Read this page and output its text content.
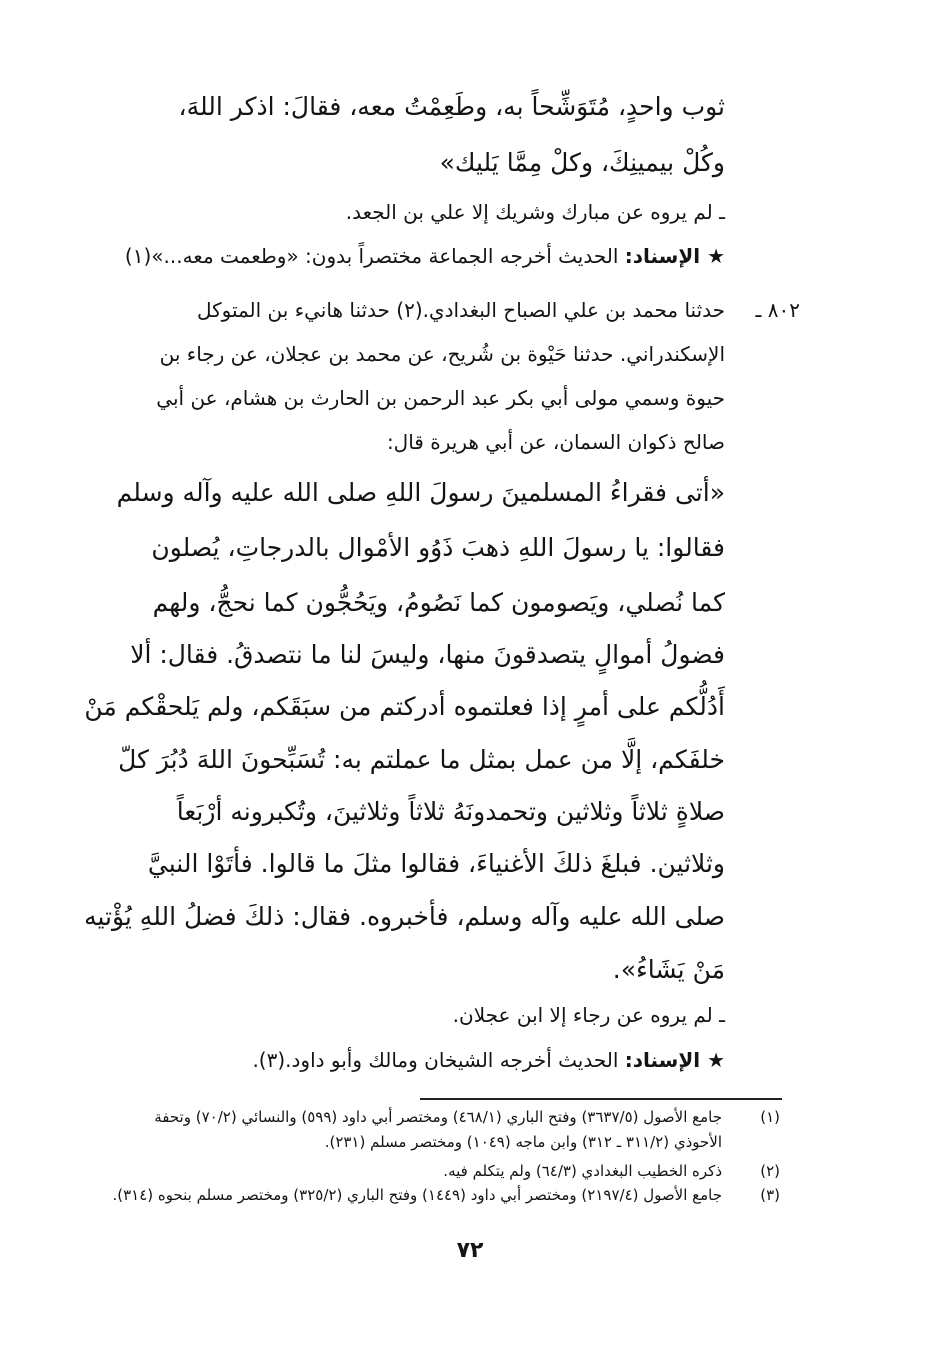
ثوب واحدٍ، مُتَوَشِّحاً به، وطَعِمْتُ معه، فقالَ: اذكر اللهَ،
وكُلْ بيمينِكَ، وكلْ مِمَّا يَليك»
ـ لم يروه عن مبارك وشريك إلا علي بن الجعد.
★ الإسناد: الحديث أخرجه الجماعة مختصراً بدون: «وطعمت معه...»(١)
٨٠٢ ـ
حدثنا محمد بن علي الصباح البغدادي.(٢) حدثنا هانيء بن المتوكل
الإسكندراني. حدثنا حَيْوة بن شُريح، عن محمد بن عجلان، عن رجاء بن
حيوة وسمي مولى أبي بكر عبد الرحمن بن الحارث بن هشام، عن أبي
صالح ذكوان السمان، عن أبي هريرة قال:
«أتى فقراءُ المسلمينَ رسولَ اللهِ صلى الله عليه وآله وسلم
فقالوا: يا رسولَ اللهِ ذهبَ ذَوُو الأمْوال بالدرجاتِ، يُصلون
كما نُصلي، ويَصومون كما نَصُومُ، ويَحُجُّون كما نحجُّ، ولهم
فضولُ أموالٍ يتصدقونَ منها، وليسَ لنا ما نتصدقُ. فقال: ألا
أَدُلُّكم على أمرٍ إذا فعلتموه أدركتم من سبَقَكم، ولم يَلحقْكم مَنْ
خلفَكم، إلَّا من عمل بمثل ما عملتم به: تُسَبِّحونَ اللهَ دُبُرَ كلّ
صلاةٍ ثلاثاً وثلاثين وتحمدونَهُ ثلاثاً وثلاثينَ، وتُكبرونه أرْبَعاً
وثلاثين. فبلغَ ذلكَ الأغنياءَ، فقالوا مثلَ ما قالوا. فأتَوْا النبيَّ
صلى الله عليه وآله وسلم، فأخبروه. فقال: ذلكَ فضلُ اللهِ يُؤْتيه
مَنْ يَشَاءُ».
ـ لم يروه عن رجاء إلا ابن عجلان.
★ الإسناد: الحديث أخرجه الشيخان ومالك وأبو داود.(٣).
(١)
جامع الأصول (٣٦٣٧/٥) وفتح الباري (٤٦٨/١) ومختصر أبي داود (٥٩٩) والنسائي (٧٠/٢) وتحفة
الأحوذي (٣١١/٢ ـ ٣١٢) وابن ماجه (١٠٤٩) ومختصر مسلم (٢٣١).
(٢)
ذكره الخطيب البغدادي (٦٤/٣) ولم يتكلم فيه.
(٣)
جامع الأصول (٢١٩٧/٤) ومختصر أبي داود (١٤٤٩) وفتح الباري (٣٢٥/٢) ومختصر مسلم بنحوه (٣١٤).
٧٢
